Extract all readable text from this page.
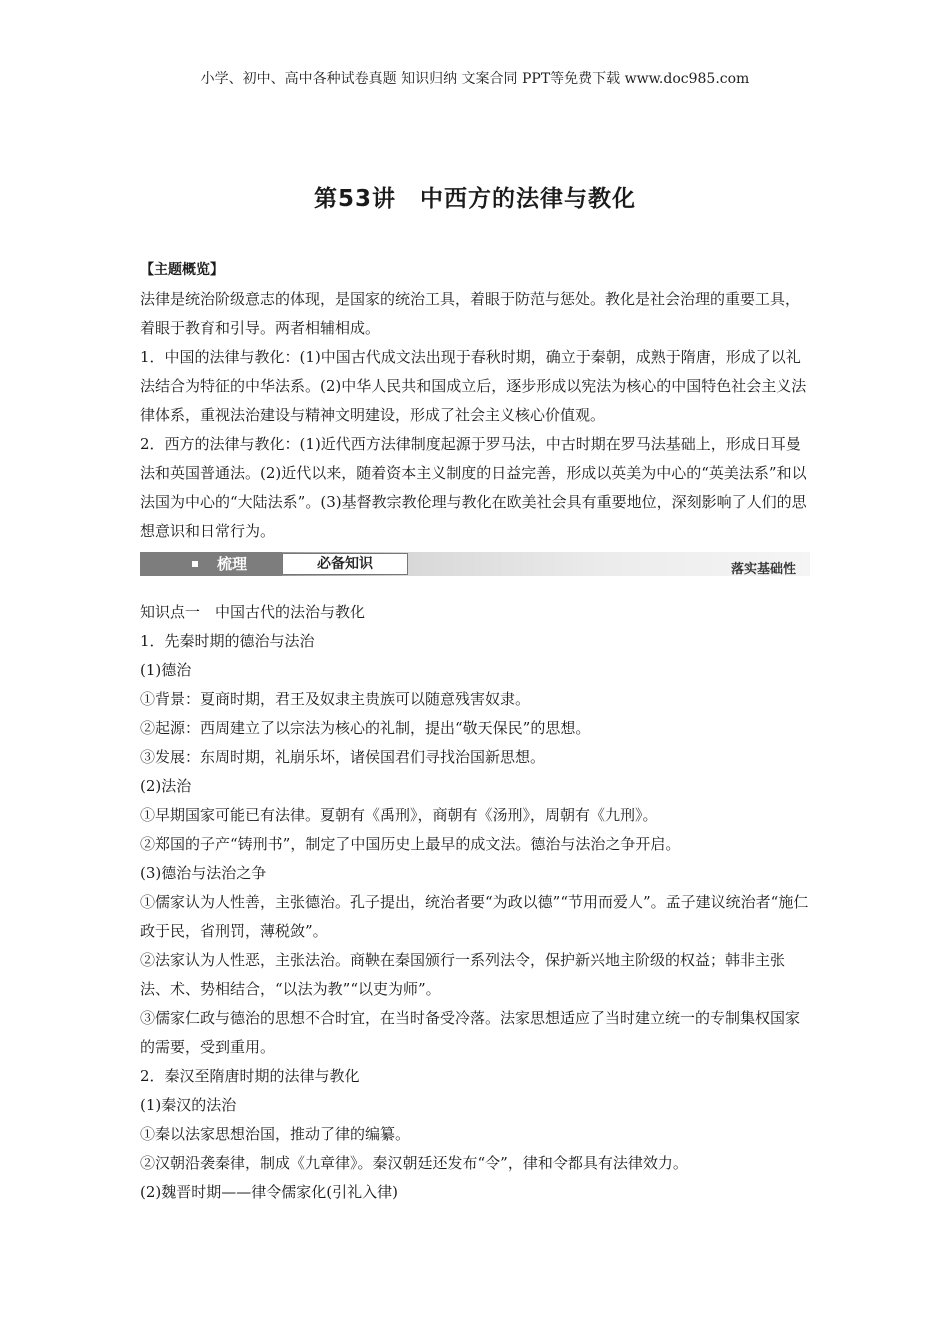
小学、初中、高中各种试卷真题 知识归纳 文案合同 PPT等免费下载 www.doc985.com
第53讲　中西方的法律与教化

【主题概览】

法律是统治阶级意志的体现，是国家的统治工具，着眼于防范与惩处。教化是社会治理的重要工具，着眼于教育和引导。两者相辅相成。

1．中国的法律与教化：(1)中国古代成文法出现于春秋时期，确立于秦朝，成熟于隋唐，形成了以礼法结合为特征的中华法系。(2)中华人民共和国成立后，逐步形成以宪法为核心的中国特色社会主义法律体系，重视法治建设与精神文明建设，形成了社会主义核心价值观。

2．西方的法律与教化：(1)近代西方法律制度起源于罗马法，中古时期在罗马法基础上，形成日耳曼法和英国普通法。(2)近代以来，随着资本主义制度的日益完善，形成以英美为中心的“英美法系”和以法国为中心的“大陆法系”。(3)基督教宗教伦理与教化在欧美社会具有重要地位，深刻影响了人们的思想意识和日常行为。

梳理	必备知识	落实基础性

知识点一　中国古代的法治与教化

1．先秦时期的德治与法治

(1)德治

①背景：夏商时期，君王及奴隶主贵族可以随意残害奴隶。

②起源：西周建立了以宗法为核心的礼制，提出“敬天保民”的思想。

③发展：东周时期，礼崩乐坏，诸侯国君们寻找治国新思想。

(2)法治

①早期国家可能已有法律。夏朝有《禹刑》，商朝有《汤刑》，周朝有《九刑》。

②郑国的子产“铸刑书”，制定了中国历史上最早的成文法。德治与法治之争开启。

(3)德治与法治之争

①儒家认为人性善，主张德治。孔子提出，统治者要“为政以德”“节用而爱人”。孟子建议统治者“施仁政于民，省刑罚，薄税敛”。

②法家认为人性恶，主张法治。商鞅在秦国颁行一系列法令，保护新兴地主阶级的权益；韩非主张法、术、势相结合，“以法为教”“以吏为师”。

③儒家仁政与德治的思想不合时宜，在当时备受冷落。法家思想适应了当时建立统一的专制集权国家的需要，受到重用。

2．秦汉至隋唐时期的法律与教化

(1)秦汉的法治

①秦以法家思想治国，推动了律的编纂。

②汉朝沿袭秦律，制成《九章律》。秦汉朝廷还发布“令”，律和令都具有法律效力。

(2)魏晋时期——律令儒家化(引礼入律)
